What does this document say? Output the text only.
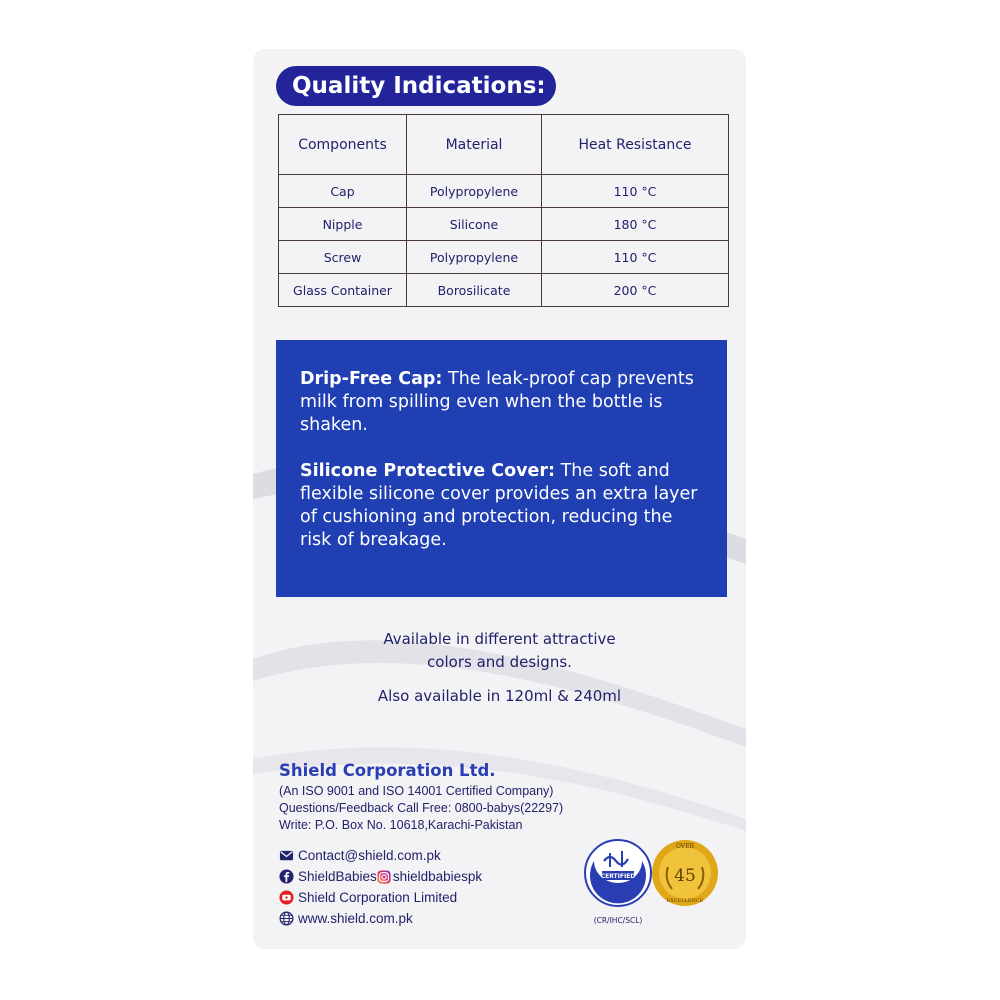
Quality Indications:
Components	Material	Heat Resistance
Cap	Polypropylene	110 °C
Nipple	Silicone	180 °C
Screw	Polypropylene	110 °C
Glass Container	Borosilicate	200 °C

Drip-Free Cap: The leak-proof cap prevents milk from spilling even when the bottle is shaken.

Silicone Protective Cover: The soft and flexible silicone cover provides an extra layer of cushioning and protection, reducing the risk of breakage.

Available in different attractive
colors and designs.
Also available in 120ml & 240ml
Shield Corporation Ltd.
(An ISO 9001 and ISO 14001 Certified Company)
Questions/Feedback Call Free: 0800-babys(22297)
Write: P.O. Box No. 10618,Karachi-Pakistan
Contact@shield.com.pk
ShieldBabies shieldbabiespk
Shield Corporation Limited
www.shield.com.pk
CERTIFIED
(CR/IHC/SCL)
OVER
45
EXCELLENCE
